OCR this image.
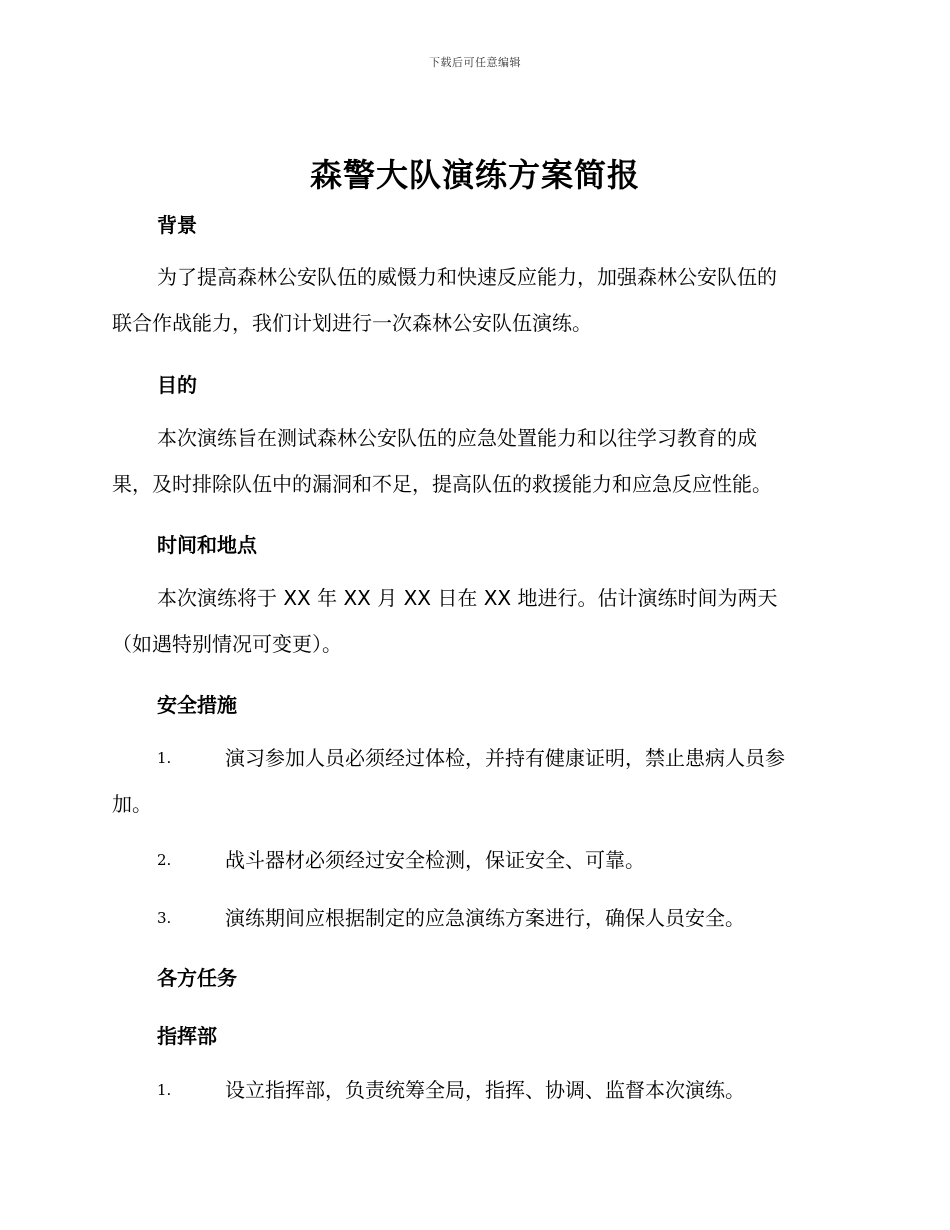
下载后可任意编辑
森警大队演练方案简报
背景
为了提高森林公安队伍的威慑力和快速反应能力，加强森林公安队伍的
联合作战能力，我们计划进行一次森林公安队伍演练。
目的
本次演练旨在测试森林公安队伍的应急处置能力和以往学习教育的成
果，及时排除队伍中的漏洞和不足，提高队伍的救援能力和应急反应性能。
时间和地点
本次演练将于 XX 年 XX 月 XX 日在 XX 地进行。估计演练时间为两天
（如遇特别情况可变更）。
安全措施
1.	演习参加人员必须经过体检，并持有健康证明，禁止患病人员参
加。
2.	战斗器材必须经过安全检测，保证安全、可靠。
3.	演练期间应根据制定的应急演练方案进行，确保人员安全。
各方任务
指挥部
1.	设立指挥部，负责统筹全局，指挥、协调、监督本次演练。
